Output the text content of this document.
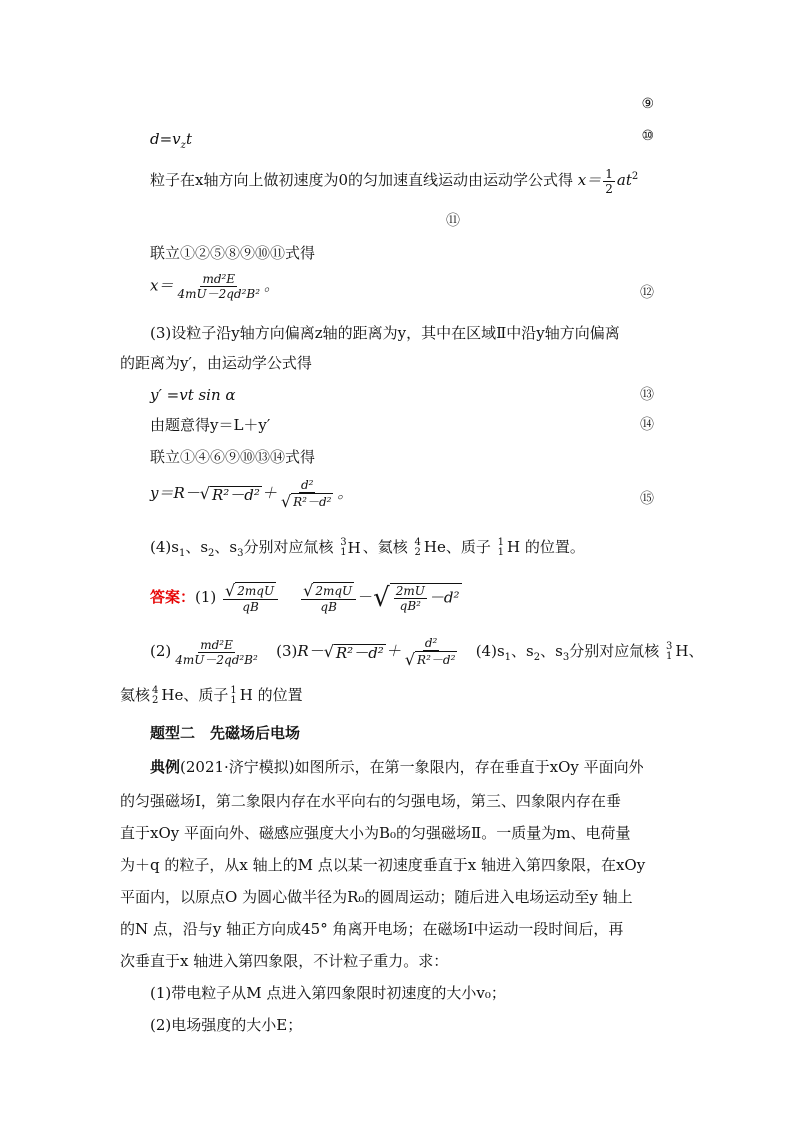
⑨
⑩
⑪
⑫
⑬
⑭
⑮
$d=v_zt$
粒子在x轴方向上做初速度为0的匀加速直线运动由运动学公式得 $x= \frac{1}{2} at^2$
联立①②⑤⑧⑨⑩⑪式得
$x= \frac{\text{md²E}}{\text{4mU－2qd²B²}}$ 。
(3)设粒子沿y轴方向偏离z轴的距离为y，其中在区域Ⅱ中沿y轴方向偏离
的距离为y′，由运动学公式得
y′ =vt sin α
由题意得y＝L＋y′
联立①④⑥⑨⑩⑬⑭式得
y＝R－ √ $R^2-d^2 + \frac{\text{d²}}{\text{√ R²－d²}}$ 。
$(4)s_1$、$s_2$、$s_3$分别对应氚核 3
1 H 、氦核 4
2 He、质子 1
1 H 的位置。
答案：$(1) \frac{\text{√ 2mqU}}{qB}$
$\frac{\text{√ 2mqU}}{qB}$ － √ $\frac{2mU}{\text{qB²}} -d^2$
$(2) \frac{\text{md²E}}{\text{4mU－2qd²B²}} (3)R-$ √ $R^2-d^2 + \frac{\text{d²}}{\text{√ R²－d²}} (4)s_1$、$s_2$、$s_3$分别对应氚核 3
1 H、
氦核 4
2 He、质子 1
1 H 的位置
题型二　先磁场后电场
典例(2021·济宁模拟)如图所示，在第一象限内，存在垂直于xOy 平面向外
的匀强磁场Ⅰ，第二象限内存在水平向右的匀强电场，第三、四象限内存在垂
直于xOy 平面向外、磁感应强度大小为B₀的匀强磁场Ⅱ。一质量为m、电荷量
为＋q 的粒子，从x 轴上的M 点以某一初速度垂直于x 轴进入第四象限，在xOy
平面内，以原点O 为圆心做半径为R₀的圆周运动；随后进入电场运动至y 轴上
的N 点，沿与y 轴正方向成45° 角离开电场；在磁场Ⅰ中运动一段时间后，再
次垂直于x 轴进入第四象限，不计粒子重力。求：
(1)带电粒子从M 点进入第四象限时初速度的大小v₀；
(2)电场强度的大小E；
